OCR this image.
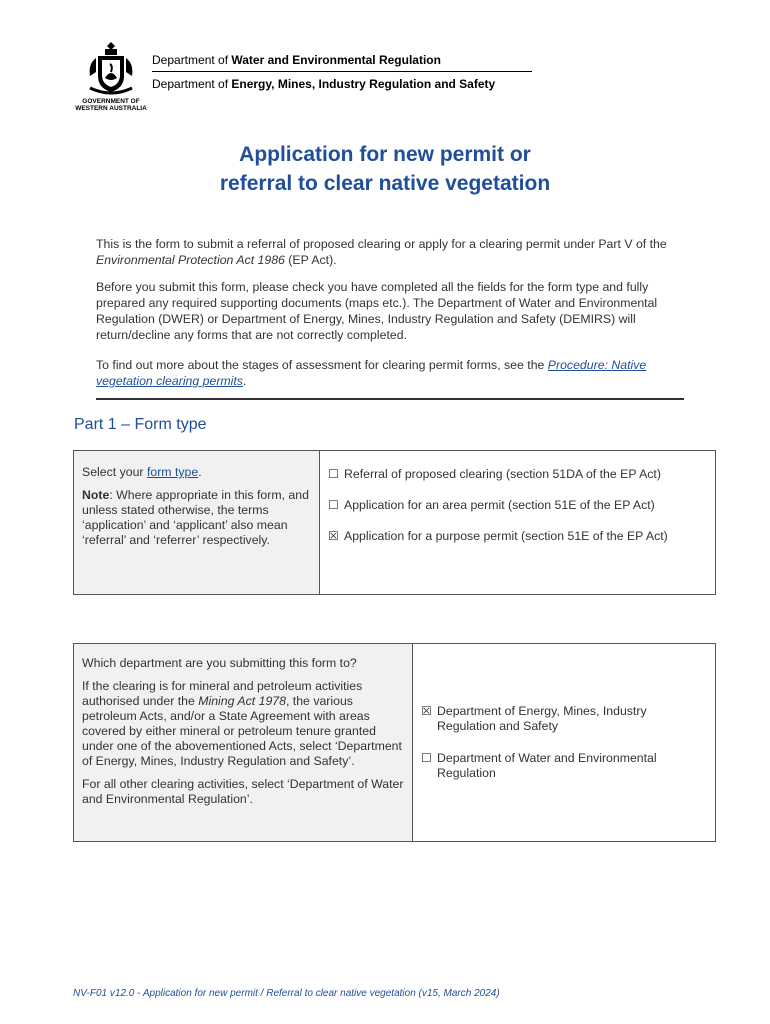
GOVERNMENT OF
WESTERN AUSTRALIA
Department of Water and Environmental Regulation
Department of Energy, Mines, Industry Regulation and Safety
Application for new permit or
referral to clear native vegetation
This is the form to submit a referral of proposed clearing or apply for a clearing permit under Part V of the Environmental Protection Act 1986 (EP Act).
Before you submit this form, please check you have completed all the fields for the form type and fully prepared any required supporting documents (maps etc.). The Department of Water and Environmental Regulation (DWER) or Department of Energy, Mines, Industry Regulation and Safety (DEMIRS) will return/decline any forms that are not correctly completed.
To find out more about the stages of assessment for clearing permit forms, see the Procedure: Native vegetation clearing permits.
Part 1 – Form type

Select your form type.

Note: Where appropriate in this form, and unless stated otherwise, the terms ‘application’ and ‘applicant’ also mean ‘referral’ and ‘referrer’ respectively.

☐ Referral of proposed clearing (section 51DA of the EP Act)
☐ Application for an area permit (section 51E of the EP Act)
☒ Application for a purpose permit (section 51E of the EP Act)

Which department are you submitting this form to?

If the clearing is for mineral and petroleum activities authorised under the Mining Act 1978, the various petroleum Acts, and/or a State Agreement with areas covered by either mineral or petroleum tenure granted under one of the abovementioned Acts, select ‘Department of Energy, Mines, Industry Regulation and Safety’.

For all other clearing activities, select ‘Department of Water and Environmental Regulation’.

☒ Department of Energy, Mines, Industry Regulation and Safety
☐ Department of Water and Environmental Regulation
NV-F01 v12.0 - Application for new permit / Referral to clear native vegetation (v15, March 2024)
